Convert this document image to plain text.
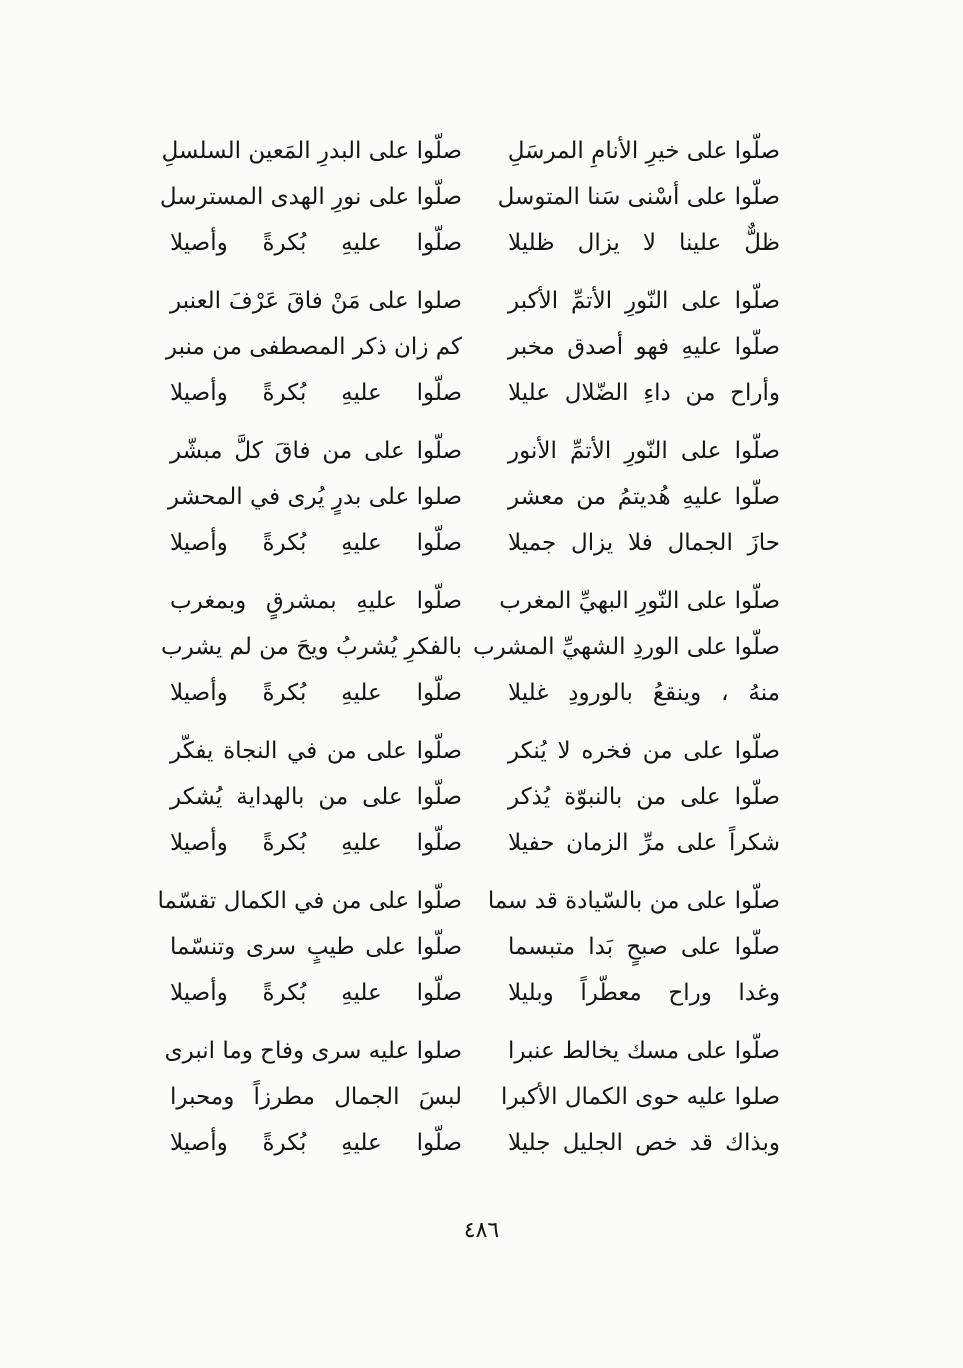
صلّوا على خيرِ الأنامِ المرسَلِ
صلّوا على البدرِ المَعين السلسلِ
صلّوا على أسْنى سَنا المتوسل
صلّوا على نورِ الهدى المسترسل
ظلٌّ علينا لا يزال ظليلا
صلّوا عليهِ بُكرةً وأصيلا
صلّوا على النّورِ الأتمِّ الأكبر
صلوا على مَنْ فاقَ عَرْفَ العنبر
صلّوا عليهِ فهو أصدق مخبر
كم زان ذكر المصطفى من منبر
وأراح من داءِ الضّلال عليلا
صلّوا عليهِ بُكرةً وأصيلا
صلّوا على النّورِ الأتمِّ الأنور
صلّوا على من فاقَ كلَّ مبشّر
صلّوا عليهِ هُديتمُ من معشر
صلوا على بدرٍ يُرى في المحشر
حازَ الجمال فلا يزال جميلا
صلّوا عليهِ بُكرةً وأصيلا
صلّوا على النّورِ البهيِّ المغرب
صلّوا عليهِ بمشرقٍ وبمغرب
صلّوا على الوردِ الشهيِّ المشرب
بالفكرِ يُشربُ ويحَ من لم يشرب
منهُ ، وينقعُ بالورودِ غليلا
صلّوا عليهِ بُكرةً وأصيلا
صلّوا على من فخره لا يُنكر
صلّوا على من في النجاة يفكّر
صلّوا على من بالنبوّة يُذكر
صلّوا على من بالهداية يُشكر
شكراً على مرِّ الزمان حفيلا
صلّوا عليهِ بُكرةً وأصيلا
صلّوا على من بالسّيادة قد سما
صلّوا على من في الكمال تقسّما
صلّوا على صبحٍ بَدا متبسما
صلّوا على طيبٍ سرى وتنسّما
وغدا وراح معطّراً وبليلا
صلّوا عليهِ بُكرةً وأصيلا
صلّوا على مسك يخالط عنبرا
صلوا عليه سرى وفاح وما انبرى
صلوا عليه حوى الكمال الأكبرا
لبسَ الجمال مطرزاً ومحبرا
وبذاك قد خص الجليل جليلا
صلّوا عليهِ بُكرةً وأصيلا
٤٨٦
